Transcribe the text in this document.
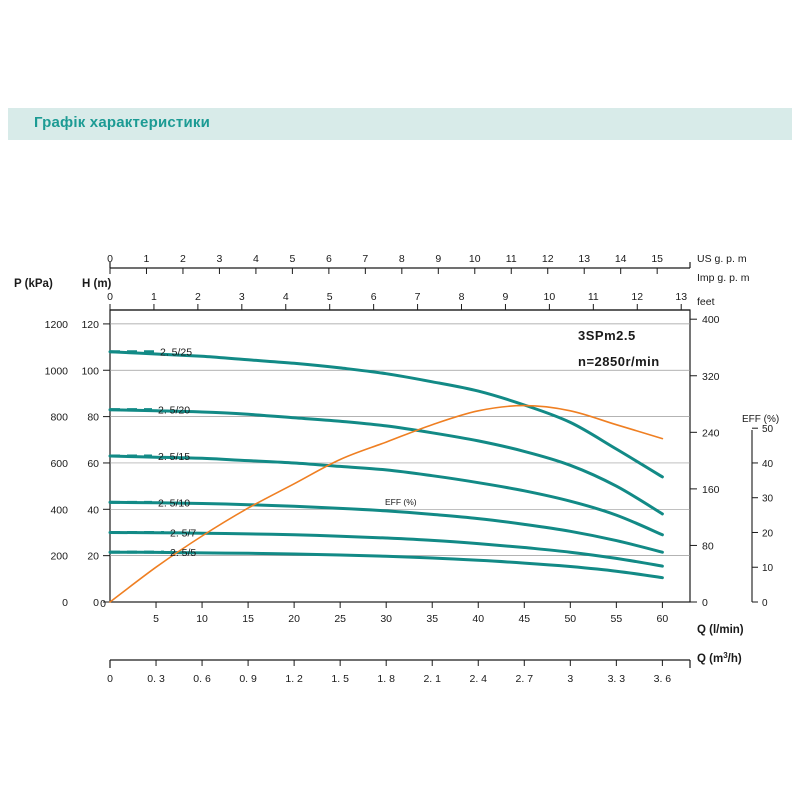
Графік характеристики
0	1	2	3	4	5	6	7	8	9	10 11 12 13 14 15	US g. p. m
0	1	2	3	4	5	6	7	8	9	10	11	12	13
Imp g. p. m
feet
P (kPa)
0
200
400
600
800
1000
1200
H (m)
0
20
40
60
80
100
120
0
80
160
240
320
400
EFF (%)
0
10
20
30
40
50
5	10	15	20	25	30	35	40	45	50	55	60
0
Q (l/min)
0	0. 3	0. 6	0. 9	1. 2	1. 5	1. 8	2. 1	2. 4	2. 7	3	3. 3	3. 6
Q $(m^3/h)$
2. 5/25
2. 5/20
2. 5/15
2. 5/10
2. 5/7
2. 5/5
EFF (%)
3SPm2.5
n=2850r/min
